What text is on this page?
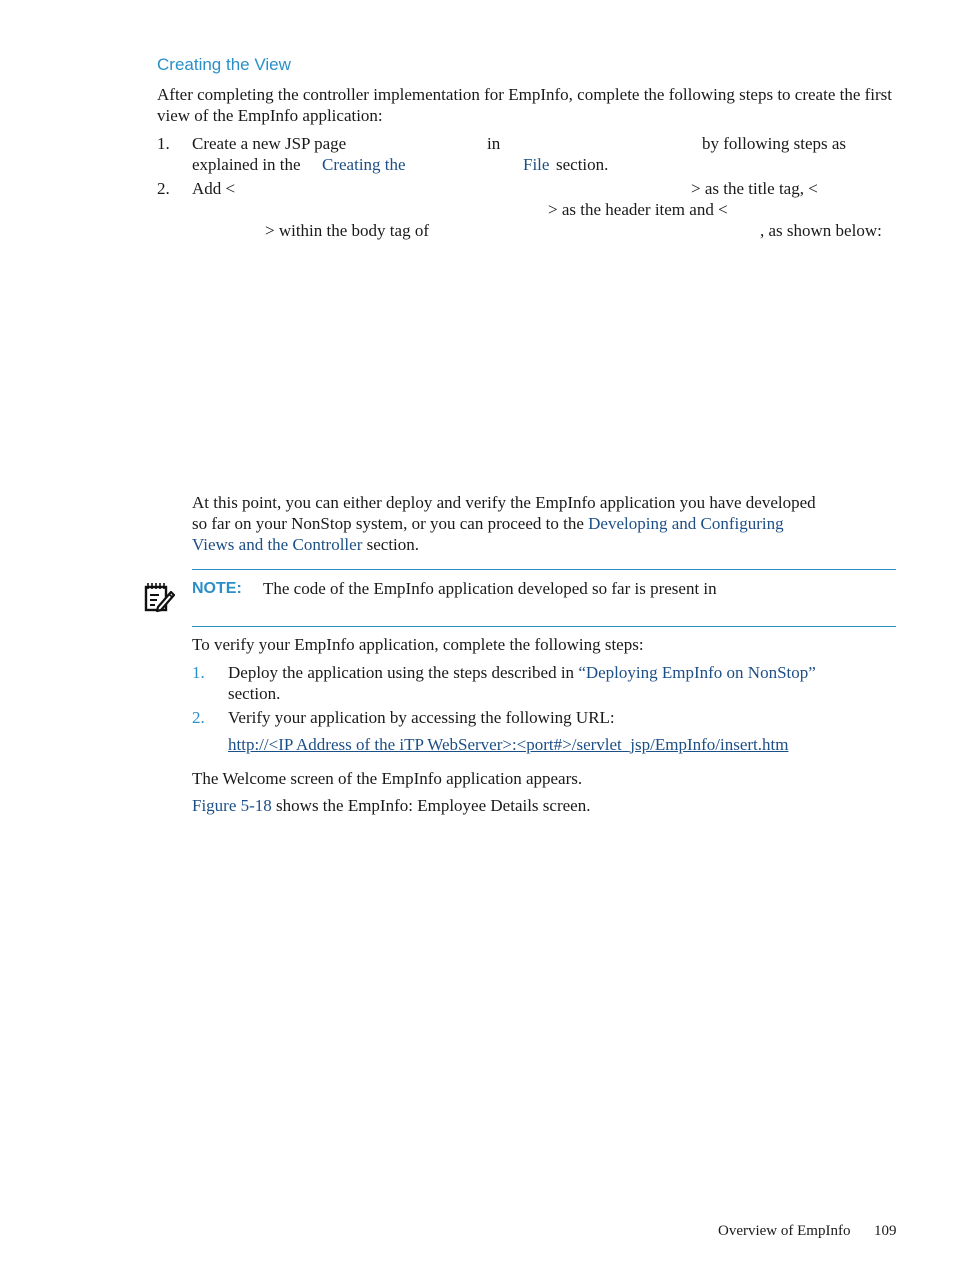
Creating the View
After completing the controller implementation for EmpInfo, complete the following steps to create the first view of the EmpInfo application:
1. Create a new JSP page	in	by following steps as
explained in the Creating the	File section.
2. Add <	> as the title tag, <
> as the header item and <
> within the body tag of	, as shown below:
At this point, you can either deploy and verify the EmpInfo application you have developed
so far on your NonStop system, or you can proceed to the Developing and Configuring
Views and the Controller section.
NOTE: The code of the EmpInfo application developed so far is present in
To verify your EmpInfo application, complete the following steps:
1. Deploy the application using the steps described in “Deploying EmpInfo on NonStop”
section.
2. Verify your application by accessing the following URL:
http://<IP Address of the iTP WebServer>:<port#>/servlet_jsp/EmpInfo/insert.htm
The Welcome screen of the EmpInfo application appears.
Figure 5-18 shows the EmpInfo: Employee Details screen.
Overview of EmpInfo 109
